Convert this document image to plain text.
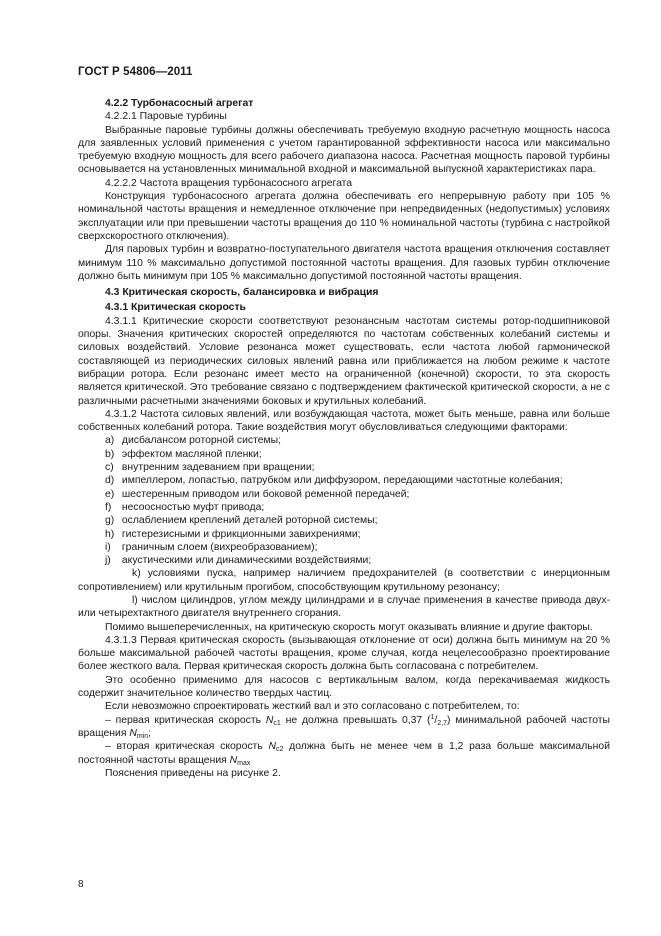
ГОСТ Р 54806—2011

4.2.2 Турбонасосный агрегат

4.2.2.1 Паровые турбины

Выбранные паровые турбины должны обеспечивать требуемую входную расчетную мощность насоса для заявленных условий применения с учетом гарантированной эффективности насоса или максимально требуемую входную мощность для всего рабочего диапазона насоса. Расчетная мощность паровой турбины основывается на установленных минимальной входной и максимальной выпускной характеристиках пара.

4.2.2.2 Частота вращения турбонасосного агрегата

Конструкция турбонасосного агрегата должна обеспечивать его непрерывную работу при 105 % номинальной частоты вращения и немедленное отключение при непредвиденных (недопустимых) условиях эксплуатации или при превышении частоты вращения до 110 % номинальной частоты (турбина с настройкой сверхскоростного отключения).

Для паровых турбин и возвратно-поступательного двигателя частота вращения отключения составляет минимум 110 % максимально допустимой постоянной частоты вращения. Для газовых турбин отключение должно быть минимум при 105 % максимально допустимой постоянной частоты вращения.

4.3 Критическая скорость, балансировка и вибрация

4.3.1 Критическая скорость

4.3.1.1 Критические скорости соответствуют резонансным частотам системы ротор-подшипниковой опоры. Значения критических скоростей определяются по частотам собственных колебаний системы и силовых воздействий. Условие резонанса может существовать, если частота любой гармонической составляющей из периодических силовых явлений равна или приближается на любом режиме к частоте вибрации ротора. Если резонанс имеет место на ограниченной (конечной) скорости, то эта скорость является критической. Это требование связано с подтверждением фактической критической скорости, а не с различными расчетными значениями боковых и крутильных колебаний.

4.3.1.2 Частота силовых явлений, или возбуждающая частота, может быть меньше, равна или больше собственных колебаний ротора. Такие воздействия могут обусловливаться следующими факторами:

a) дисбалансом роторной системы;

b) эффектом масляной пленки;

c) внутренним задеванием при вращении;

d) импеллером, лопастью, патрубком или диффузором, передающими частотные колебания;

e) шестеренным приводом или боковой ременной передачей;

f) несоосностью муфт привода;

g) ослаблением креплений деталей роторной системы;

h) гистерезисными и фрикционными завихрениями;

i) граничным слоем (вихреобразованием);

j) акустическими или динамическими воздействиями;

k) условиями пуска, например наличием предохранителей (в соответствии с инерционным сопротивлением) или крутильным прогибом, способствующим крутильному резонансу;

l) числом цилиндров, углом между цилиндрами и в случае применения в качестве привода двух- или четырехтактного двигателя внутреннего сгорания.

Помимо вышеперечисленных, на критическую скорость могут оказывать влияние и другие факторы.

4.3.1.3 Первая критическая скорость (вызывающая отклонение от оси) должна быть минимум на 20 % больше максимальной рабочей частоты вращения, кроме случая, когда нецелесообразно проектирование более жесткого вала. Первая критическая скорость должна быть согласована с потребителем.

Это особенно применимо для насосов с вертикальным валом, когда перекачиваемая жидкость содержит значительное количество твердых частиц.

Если невозможно спроектировать жесткий вал и это согласовано с потребителем, то:

– первая критическая скорость $N_{c1}$ не должна превышать 0,37 $(^1/_{2,7})$ минимальной рабочей частоты вращения $N_{min}$;

– вторая критическая скорость $N_{c2}$ должна быть не менее чем в 1,2 раза больше максимальной постоянной частоты вращения $N_{max}$

Пояснения приведены на рисунке 2.

8
